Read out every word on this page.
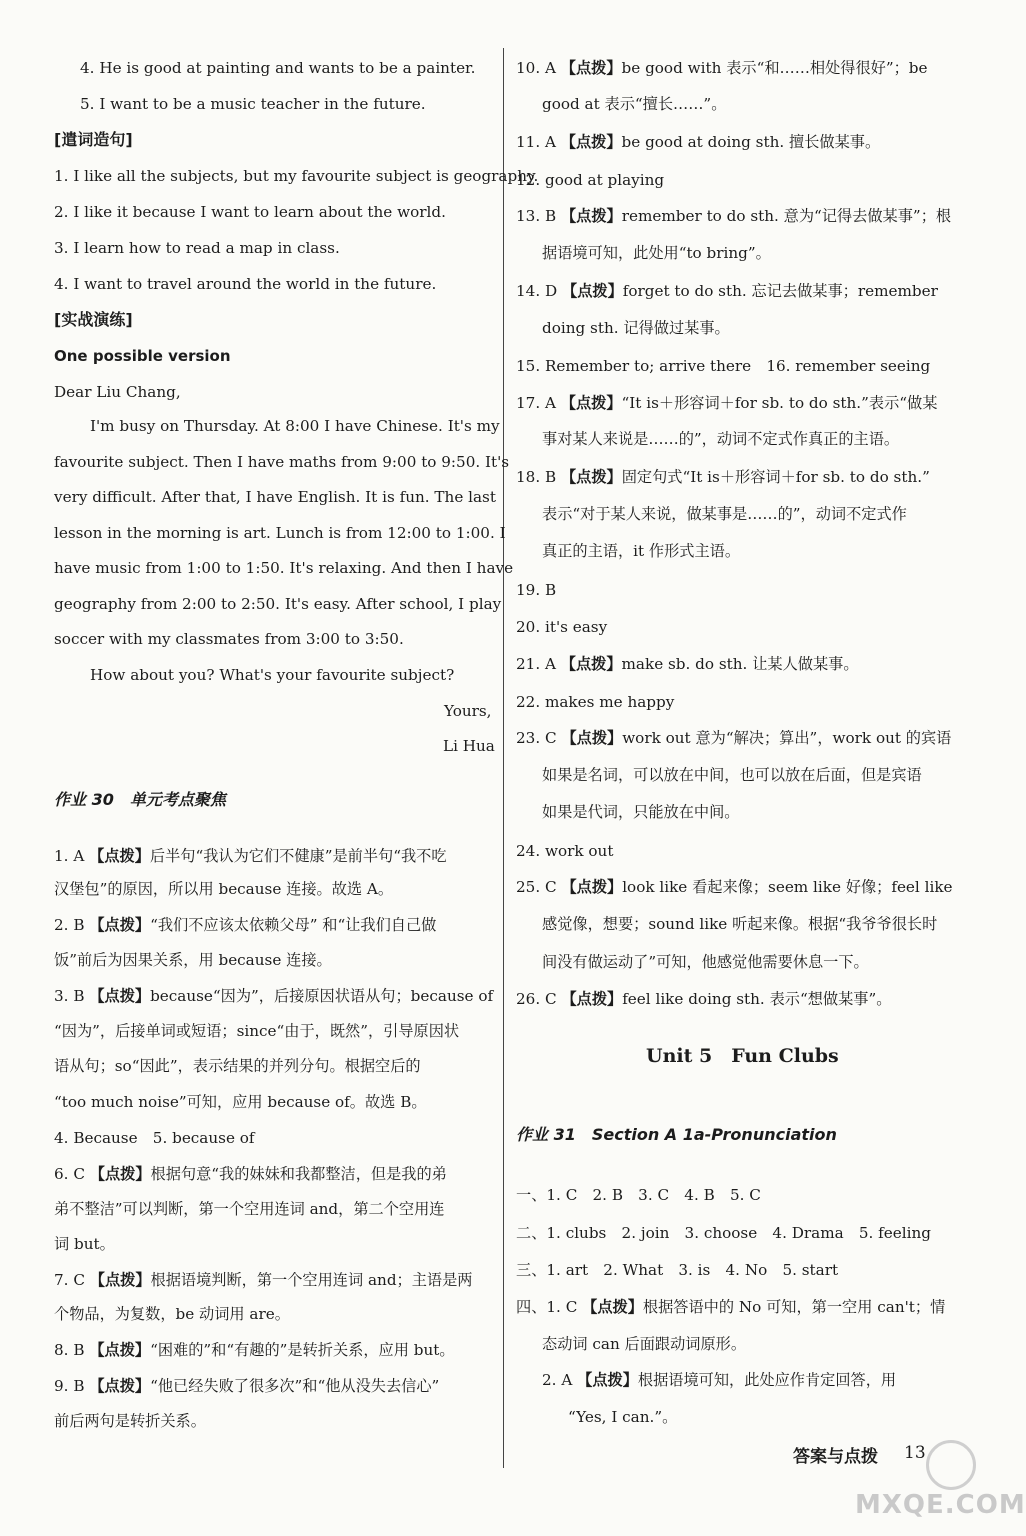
4. He is good at painting and wants to be a painter.
5. I want to be a music teacher in the future.
[遣词造句]
1. I like all the subjects, but my favourite subject is geography.
2. I like it because I want to learn about the world.
3. I learn how to read a map in class.
4. I want to travel around the world in the future.
[实战演练]
One possible version
Dear Liu Chang,
I'm busy on Thursday. At 8:00 I have Chinese. It's my
favourite subject. Then I have maths from 9:00 to 9:50. It's
very difficult. After that, I have English. It is fun. The last
lesson in the morning is art. Lunch is from 12:00 to 1:00. I
have music from 1:00 to 1:50. It's relaxing. And then I have
geography from 2:00 to 2:50. It's easy. After school, I play
soccer with my classmates from 3:00 to 3:50.
How about you? What's your favourite subject?
Yours,
Li Hua
作业 30　单元考点聚焦
1. A 【点拨】后半句“我认为它们不健康”是前半句“我不吃
汉堡包”的原因，所以用 because 连接。故选 A。
2. B 【点拨】“我们不应该太依赖父母” 和“让我们自己做
饭”前后为因果关系，用 because 连接。
3. B 【点拨】because“因为”，后接原因状语从句；because of
“因为”，后接单词或短语；since“由于，既然”，引导原因状
语从句；so“因此”，表示结果的并列分句。根据空后的
“too much noise”可知，应用 because of。故选 B。
4. Because　5. because of
6. C 【点拨】根据句意“我的妹妹和我都整洁，但是我的弟
弟不整洁”可以判断，第一个空用连词 and，第二个空用连
词 but。
7. C 【点拨】根据语境判断，第一个空用连词 and；主语是两
个物品，为复数，be 动词用 are。
8. B 【点拨】“困难的”和“有趣的”是转折关系，应用 but。
9. B 【点拨】“他已经失败了很多次”和“他从没失去信心”
前后两句是转折关系。
10. A 【点拨】be good with 表示“和……相处得很好”；be
good at 表示“擅长……”。
11. A 【点拨】be good at doing sth. 擅长做某事。
12. good at playing
13. B 【点拨】remember to do sth. 意为“记得去做某事”；根
据语境可知，此处用“to bring”。
14. D 【点拨】forget to do sth. 忘记去做某事；remember
doing sth. 记得做过某事。
15. Remember to; arrive there　16. remember seeing
17. A 【点拨】“It is＋形容词＋for sb. to do sth.”表示“做某
事对某人来说是……的”，动词不定式作真正的主语。
18. B 【点拨】固定句式“It is＋形容词＋for sb. to do sth.”
表示“对于某人来说，做某事是……的”，动词不定式作
真正的主语，it 作形式主语。
19. B
20. it's easy
21. A 【点拨】make sb. do sth. 让某人做某事。
22. makes me happy
23. C 【点拨】work out 意为“解决；算出”，work out 的宾语
如果是名词，可以放在中间，也可以放在后面，但是宾语
如果是代词，只能放在中间。
24. work out
25. C 【点拨】look like 看起来像；seem like 好像；feel like
感觉像，想要；sound like 听起来像。根据“我爷爷很长时
间没有做运动了”可知，他感觉他需要休息一下。
26. C 【点拨】feel like doing sth. 表示“想做某事”。
Unit 5　Fun Clubs
作业 31　Section A 1a-Pronunciation
一、1. C　2. B　3. C　4. B　5. C
二、1. clubs　2. join　3. choose　4. Drama　5. feeling
三、1. art　2. What　3. is　4. No　5. start
四、1. C 【点拨】根据答语中的 No 可知，第一空用 can't；情
态动词 can 后面跟动词原形。
2. A 【点拨】根据语境可知，此处应作肯定回答，用
“Yes, I can.”。
答案与点拨 13
MXQE.COM
